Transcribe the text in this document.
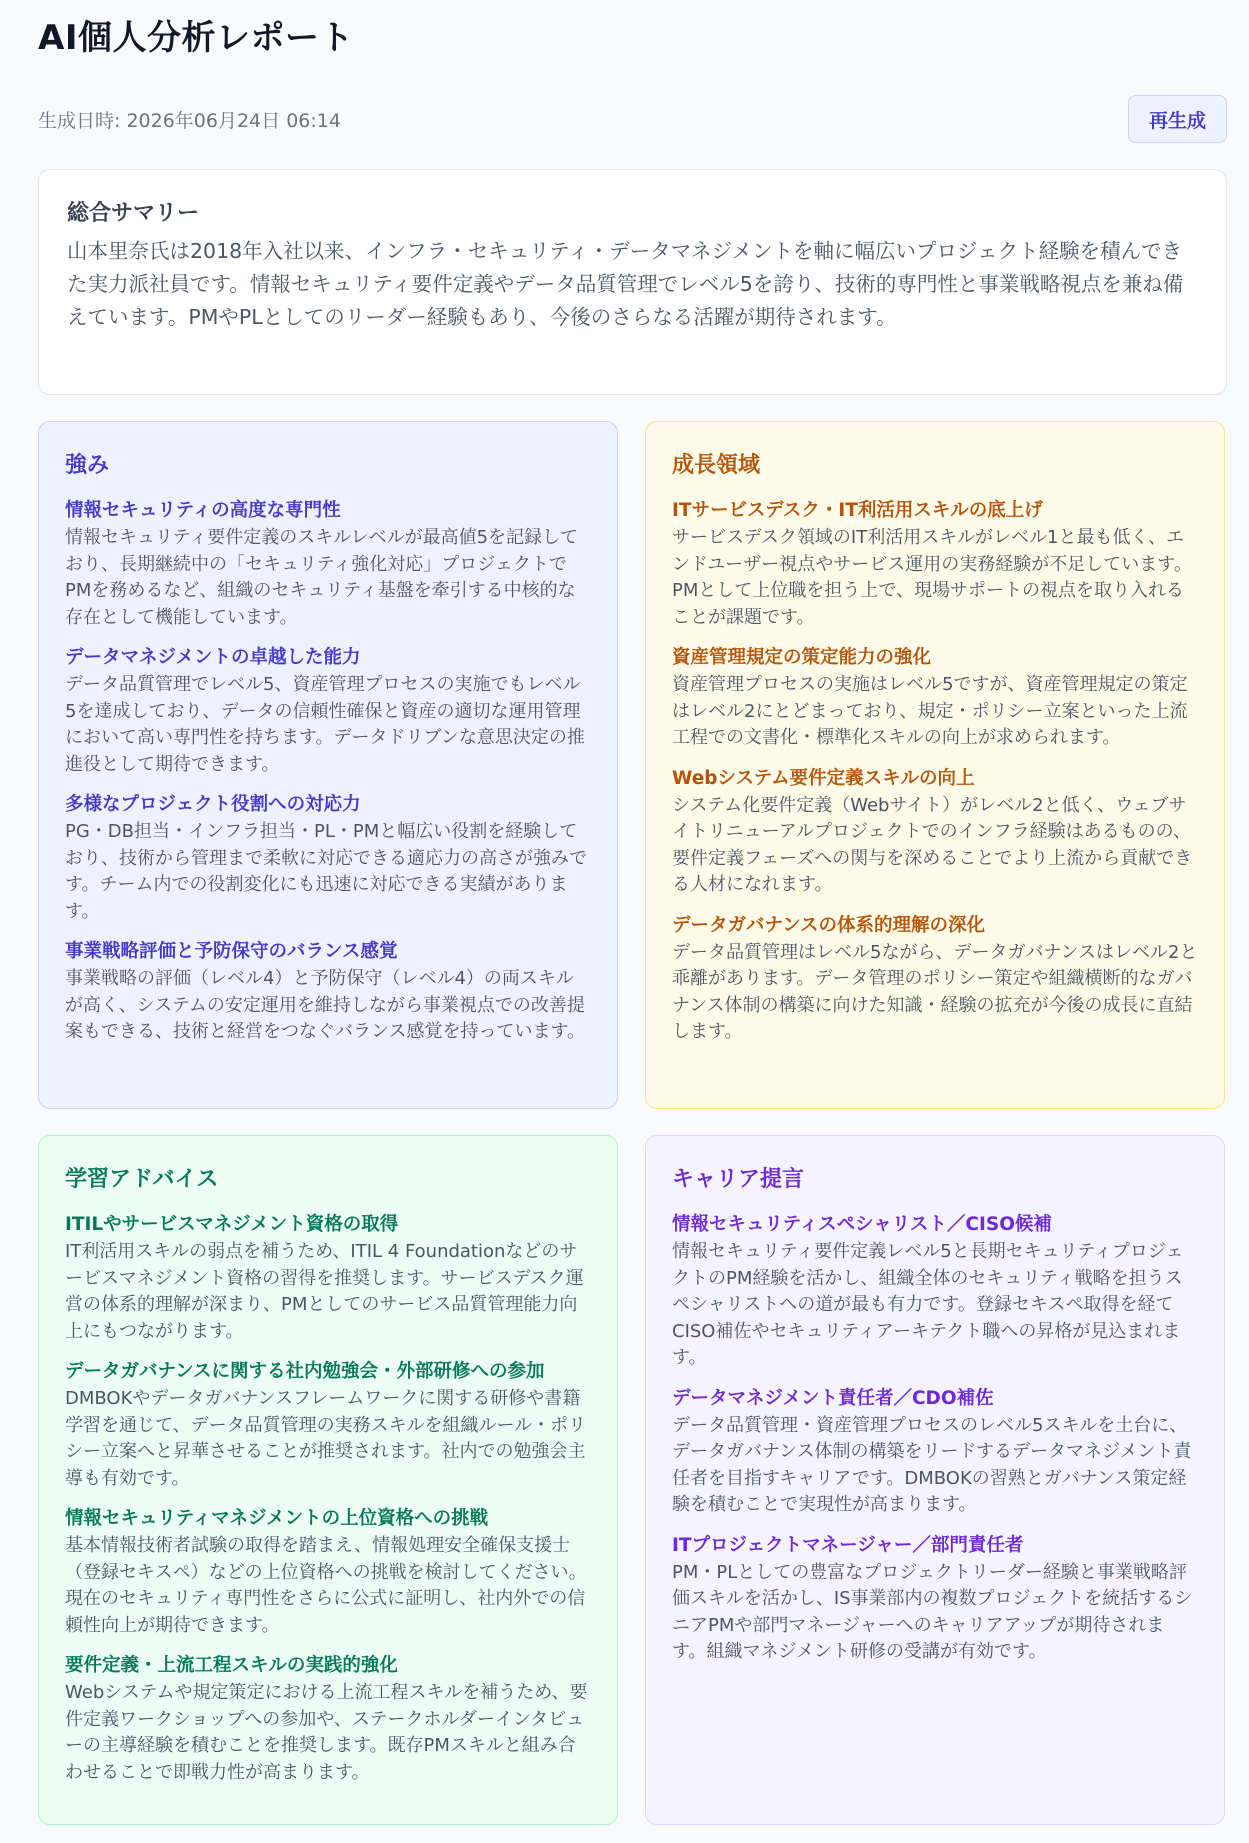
AI個人分析レポート
生成日時: 2026年06月24日 06:14	再生成
総合サマリー

山本里奈氏は2018年入社以来、インフラ・セキュリティ・データマネジメントを軸に幅広いプロジェクト経験を積んできた実力派社員です。情報セキュリティ要件定義やデータ品質管理でレベル5を誇り、技術的専門性と事業戦略視点を兼ね備えています。PMやPLとしてのリーダー経験もあり、今後のさらなる活躍が期待されます。

強み
情報セキュリティの高度な専門性
情報セキュリティ要件定義のスキルレベルが最高値5を記録しており、長期継続中の「セキュリティ強化対応」プロジェクトでPMを務めるなど、組織のセキュリティ基盤を牽引する中核的な存在として機能しています。
データマネジメントの卓越した能力
データ品質管理でレベル5、資産管理プロセスの実施でもレベル5を達成しており、データの信頼性確保と資産の適切な運用管理において高い専門性を持ちます。データドリブンな意思決定の推進役として期待できます。
多様なプロジェクト役割への対応力
PG・DB担当・インフラ担当・PL・PMと幅広い役割を経験しており、技術から管理まで柔軟に対応できる適応力の高さが強みです。チーム内での役割変化にも迅速に対応できる実績があります。
事業戦略評価と予防保守のバランス感覚
事業戦略の評価（レベル4）と予防保守（レベル4）の両スキルが高く、システムの安定運用を維持しながら事業視点での改善提案もできる、技術と経営をつなぐバランス感覚を持っています。
成長領域
ITサービスデスク・IT利活用スキルの底上げ
サービスデスク領域のIT利活用スキルがレベル1と最も低く、エンドユーザー視点やサービス運用の実務経験が不足しています。PMとして上位職を担う上で、現場サポートの視点を取り入れることが課題です。
資産管理規定の策定能力の強化
資産管理プロセスの実施はレベル5ですが、資産管理規定の策定はレベル2にとどまっており、規定・ポリシー立案といった上流工程での文書化・標準化スキルの向上が求められます。
Webシステム要件定義スキルの向上
システム化要件定義（Webサイト）がレベル2と低く、ウェブサイトリニューアルプロジェクトでのインフラ経験はあるものの、要件定義フェーズへの関与を深めることでより上流から貢献できる人材になれます。
データガバナンスの体系的理解の深化
データ品質管理はレベル5ながら、データガバナンスはレベル2と乖離があります。データ管理のポリシー策定や組織横断的なガバナンス体制の構築に向けた知識・経験の拡充が今後の成長に直結します。
学習アドバイス
ITILやサービスマネジメント資格の取得
IT利活用スキルの弱点を補うため、ITIL 4 Foundationなどのサービスマネジメント資格の習得を推奨します。サービスデスク運営の体系的理解が深まり、PMとしてのサービス品質管理能力向上にもつながります。
データガバナンスに関する社内勉強会・外部研修への参加
DMBOKやデータガバナンスフレームワークに関する研修や書籍学習を通じて、データ品質管理の実務スキルを組織ルール・ポリシー立案へと昇華させることが推奨されます。社内での勉強会主導も有効です。
情報セキュリティマネジメントの上位資格への挑戦
基本情報技術者試験の取得を踏まえ、情報処理安全確保支援士（登録セキスペ）などの上位資格への挑戦を検討してください。現在のセキュリティ専門性をさらに公式に証明し、社内外での信頼性向上が期待できます。
要件定義・上流工程スキルの実践的強化
Webシステムや規定策定における上流工程スキルを補うため、要件定義ワークショップへの参加や、ステークホルダーインタビューの主導経験を積むことを推奨します。既存PMスキルと組み合わせることで即戦力性が高まります。
キャリア提言
情報セキュリティスペシャリスト／CISO候補
情報セキュリティ要件定義レベル5と長期セキュリティプロジェクトのPM経験を活かし、組織全体のセキュリティ戦略を担うスペシャリストへの道が最も有力です。登録セキスペ取得を経てCISO補佐やセキュリティアーキテクト職への昇格が見込まれます。
データマネジメント責任者／CDO補佐
データ品質管理・資産管理プロセスのレベル5スキルを土台に、データガバナンス体制の構築をリードするデータマネジメント責任者を目指すキャリアです。DMBOKの習熟とガバナンス策定経験を積むことで実現性が高まります。
ITプロジェクトマネージャー／部門責任者
PM・PLとしての豊富なプロジェクトリーダー経験と事業戦略評価スキルを活かし、IS事業部内の複数プロジェクトを統括するシニアPMや部門マネージャーへのキャリアアップが期待されます。組織マネジメント研修の受講が有効です。
